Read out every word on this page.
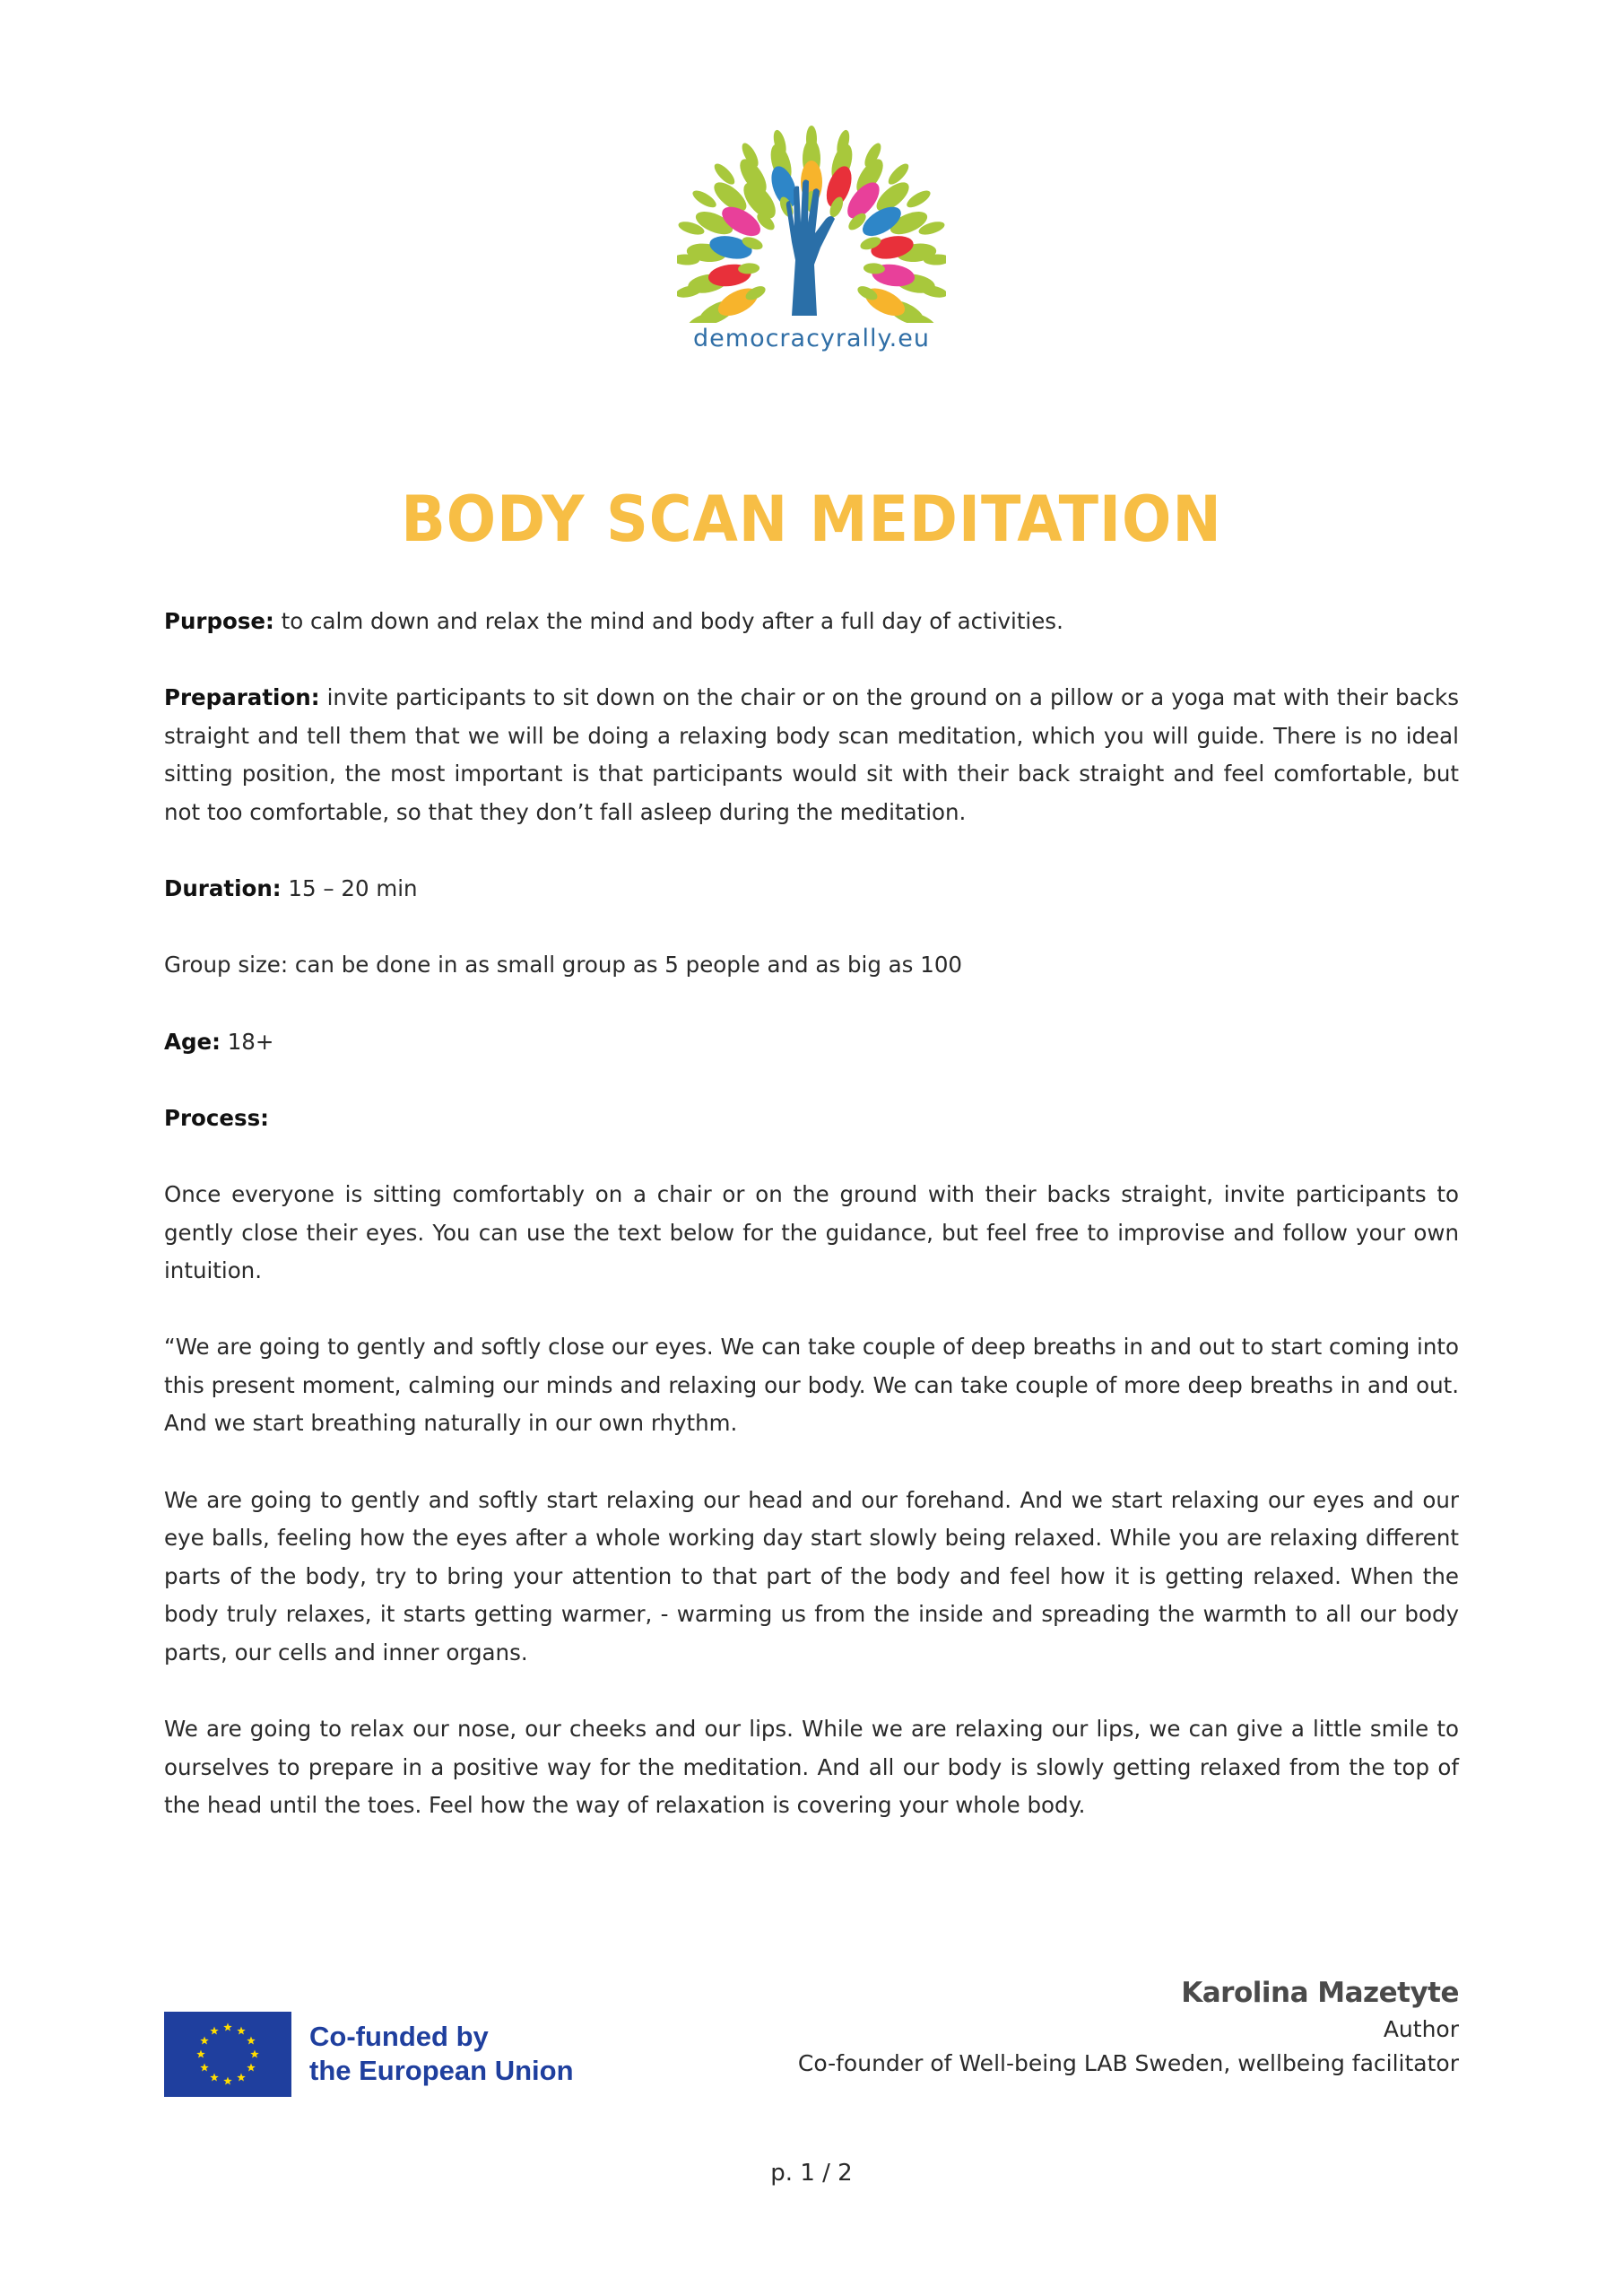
democracyrally.eu
BODY SCAN MEDITATION

Purpose: to calm down and relax the mind and body after a full day of activities.

Preparation: invite participants to sit down on the chair or on the ground on a pillow or a yoga mat with their backs straight and tell them that we will be doing a relaxing body scan meditation, which you will guide. There is no ideal sitting position, the most important is that participants would sit with their back straight and feel comfortable, but not too comfortable, so that they don’t fall asleep during the meditation.

Duration: 15 – 20 min

Group size: can be done in as small group as 5 people and as big as 100

Age: 18+

Process:

Once everyone is sitting comfortably on a chair or on the ground with their backs straight, invite participants to gently close their eyes. You can use the text below for the guidance, but feel free to improvise and follow your own intuition.

“We are going to gently and softly close our eyes. We can take couple of deep breaths in and out to start coming into this present moment, calming our minds and relaxing our body. We can take couple of more deep breaths in and out. And we start breathing naturally in our own rhythm.

We are going to gently and softly start relaxing our head and our forehand. And we start relaxing our eyes and our eye balls, feeling how the eyes after a whole working day start slowly being relaxed. While you are relaxing different parts of the body, try to bring your attention to that part of the body and feel how it is getting relaxed. When the body truly relaxes, it starts getting warmer, - warming us from the inside and spreading the warmth to all our body parts, our cells and inner organs.

We are going to relax our nose, our cheeks and our lips. While we are relaxing our lips, we can give a little smile to ourselves to prepare in a positive way for the meditation. And all our body is slowly getting relaxed from the top of the head until the toes. Feel how the way of relaxation is covering your whole body.

Co-funded by
the European Union
Karolina Mazetyte
Author
Co-founder of Well-being LAB Sweden, wellbeing facilitator
p. 1 / 2
